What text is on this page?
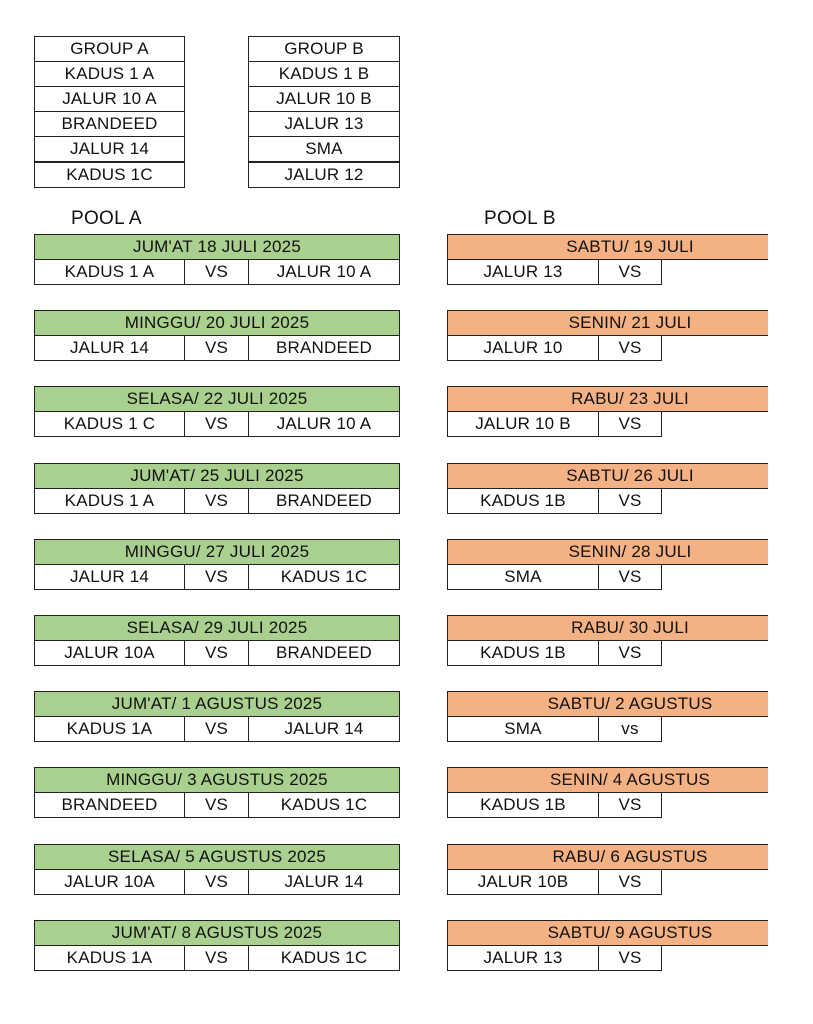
GROUP A
KADUS 1 A
JALUR 10 A
BRANDEED
JALUR 14
KADUS 1C
GROUP B
KADUS 1 B
JALUR 10 B
JALUR 13
SMA
JALUR 12
POOL A	POOL B
JUM'AT 18 JULI 2025
KADUS 1 A	VS	JALUR 10 A
MINGGU/ 20 JULI 2025
JALUR 14	VS	BRANDEED
SELASA/ 22 JULI 2025
KADUS 1 C	VS	JALUR 10 A
JUM'AT/ 25 JULI 2025
KADUS 1 A	VS	BRANDEED
MINGGU/ 27 JULI 2025
JALUR 14	VS	KADUS 1C
SELASA/ 29 JULI 2025
JALUR 10A	VS	BRANDEED
JUM'AT/ 1 AGUSTUS 2025
KADUS 1A	VS	JALUR 14
MINGGU/ 3 AGUSTUS 2025
BRANDEED	VS	KADUS 1C
SELASA/ 5 AGUSTUS 2025
JALUR 10A	VS	JALUR 14
JUM'AT/ 8 AGUSTUS 2025
KADUS 1A	VS	KADUS 1C
SABTU/ 19 JULI
JALUR 13	VS
SENIN/ 21 JULI
JALUR 10	VS
RABU/ 23 JULI
JALUR 10 B	VS
SABTU/ 26 JULI
KADUS 1B	VS
SENIN/ 28 JULI
SMA	VS
RABU/ 30 JULI
KADUS 1B	VS
SABTU/ 2 AGUSTUS
SMA	vs
SENIN/ 4 AGUSTUS
KADUS 1B	VS
RABU/ 6 AGUSTUS
JALUR 10B	VS
SABTU/ 9 AGUSTUS
JALUR 13	VS
